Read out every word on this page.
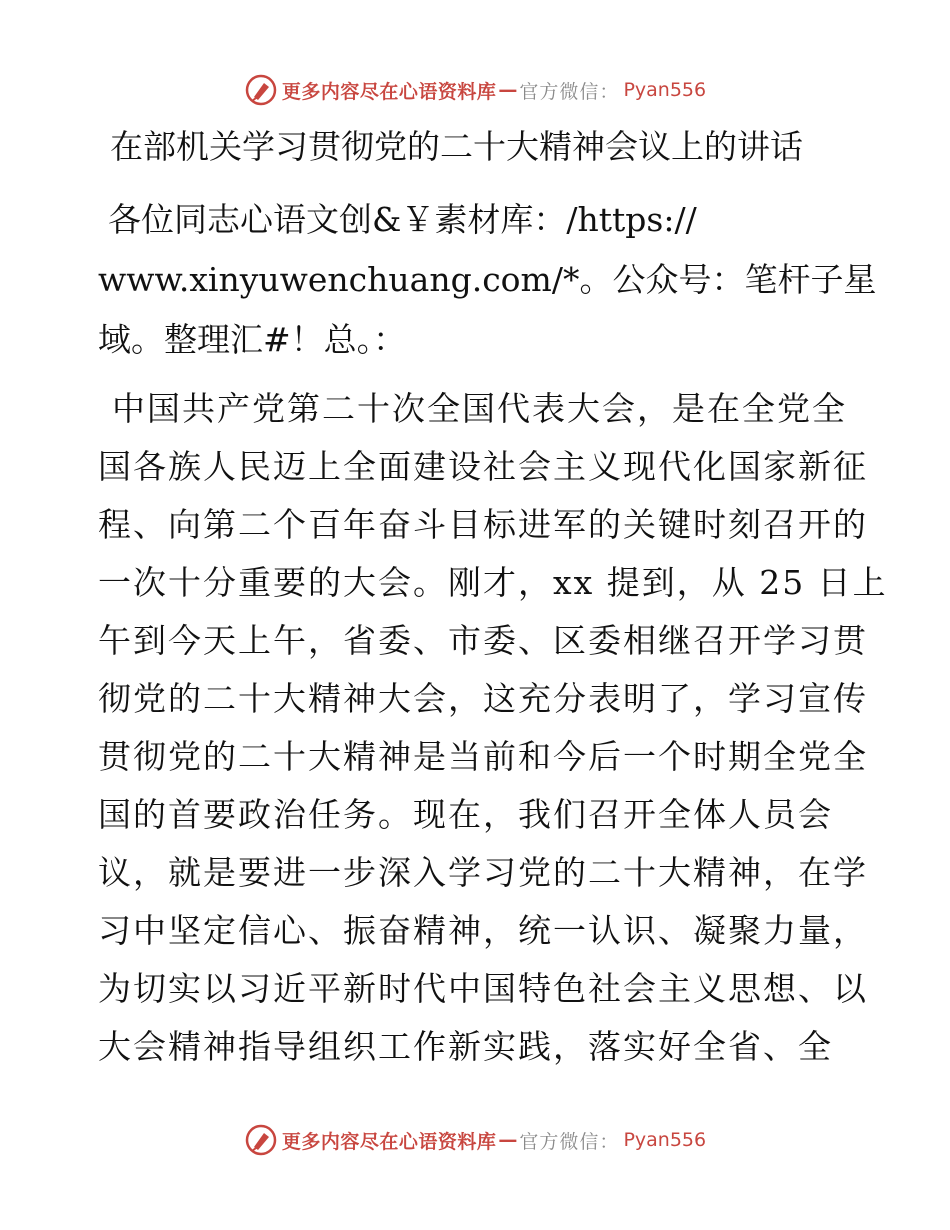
更多内容尽在心语资料库 — 官方微信： Pyan556
在部机关学习贯彻党的二十大精神会议上的讲话
各位同志心语文创&￥素材库：/https://
www.xinyuwenchuang.com/*。公众号：笔杆子星
域。整理汇#！总。：
中国共产党第二十次全国代表大会，是在全党全
国各族人民迈上全面建设社会主义现代化国家新征
程、向第二个百年奋斗目标进军的关键时刻召开的
一次十分重要的大会。刚才，xx 提到，从 25 日上
午到今天上午，省委、市委、区委相继召开学习贯
彻党的二十大精神大会，这充分表明了，学习宣传
贯彻党的二十大精神是当前和今后一个时期全党全
国的首要政治任务。现在，我们召开全体人员会
议，就是要进一步深入学习党的二十大精神，在学
习中坚定信心、振奋精神，统一认识、凝聚力量，
为切实以习近平新时代中国特色社会主义思想、以
大会精神指导组织工作新实践，落实好全省、全
更多内容尽在心语资料库 — 官方微信： Pyan556
